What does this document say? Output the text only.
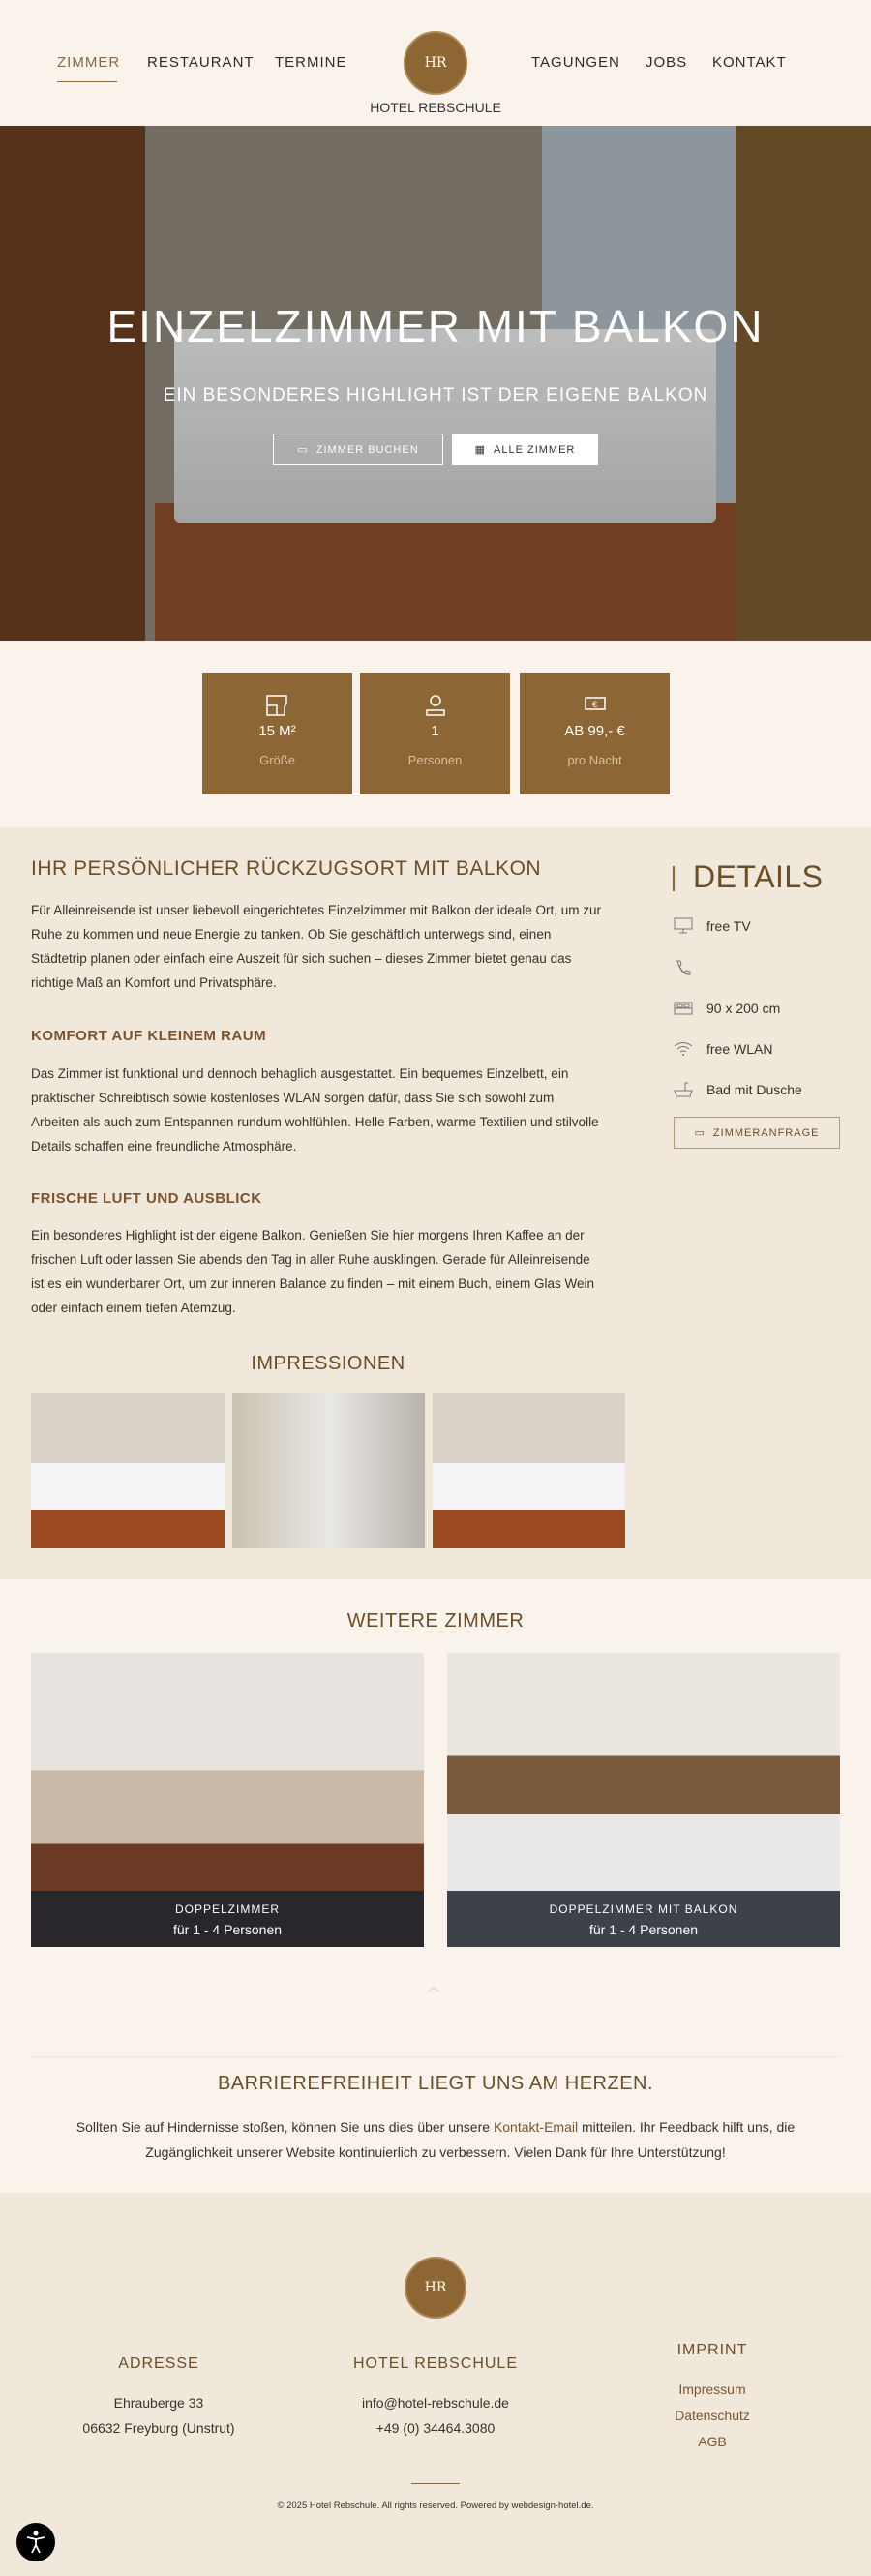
ZIMMER RESTAURANT TERMINE	HR
HOTEL REBSCHULE
TAGUNGEN JOBS KONTAKT
EINZELZIMMER MIT BALKON
EIN BESONDERES HIGHLIGHT IST DER EIGENE BALKON
▭ ZIMMER BUCHEN	▦ ALLE ZIMMER
15 M²
Größe
1
Personen
€
AB 99,- €
pro Nacht
IHR PERSÖNLICHER RÜCKZUGSORT MIT BALKON

Für Alleinreisende ist unser liebevoll eingerichtetes Einzelzimmer mit Balkon der ideale Ort, um zur Ruhe zu kommen und neue Energie zu tanken. Ob Sie geschäftlich unterwegs sind, einen Städtetrip planen oder einfach eine Auszeit für sich suchen – dieses Zimmer bietet genau das richtige Maß an Komfort und Privatsphäre.

KOMFORT AUF KLEINEM RAUM

Das Zimmer ist funktional und dennoch behaglich ausgestattet. Ein bequemes Einzelbett, ein praktischer Schreibtisch sowie kostenloses WLAN sorgen dafür, dass Sie sich sowohl zum Arbeiten als auch zum Entspannen rundum wohlfühlen. Helle Farben, warme Textilien und stilvolle Details schaffen eine freundliche Atmosphäre.

FRISCHE LUFT UND AUSBLICK

Ein besonderes Highlight ist der eigene Balkon. Genießen Sie hier morgens Ihren Kaffee an der frischen Luft oder lassen Sie abends den Tag in aller Ruhe ausklingen. Gerade für Alleinreisende ist es ein wunderbarer Ort, um zur inneren Balance zu finden – mit einem Buch, einem Glas Wein oder einfach einem tiefen Atemzug.

DETAILS
free TV
90 x 200 cm
free WLAN
Bad mit Dusche
▭ ZIMMERANFRAGE
IMPRESSIONEN
WEITERE ZIMMER
DOPPELZIMMER
für 1 - 4 Personen
DOPPELZIMMER MIT BALKON
für 1 - 4 Personen
︿
BARRIEREFREIHEIT LIEGT UNS AM HERZEN.

Sollten Sie auf Hindernisse stoßen, können Sie uns dies über unsere Kontakt-Email mitteilen. Ihr Feedback hilft uns, die Zugänglichkeit unserer Website kontinuierlich zu verbessern. Vielen Dank für Ihre Unterstützung!

HR
ADRESSE
Ehrauberge 33
06632 Freyburg (Unstrut)
HOTEL REBSCHULE
info@hotel-rebschule.de
+49 (0) 34464.3080
IMPRINT
Impressum
Datenschutz
AGB
© 2025 Hotel Rebschule. All rights reserved. Powered by webdesign-hotel.de.
